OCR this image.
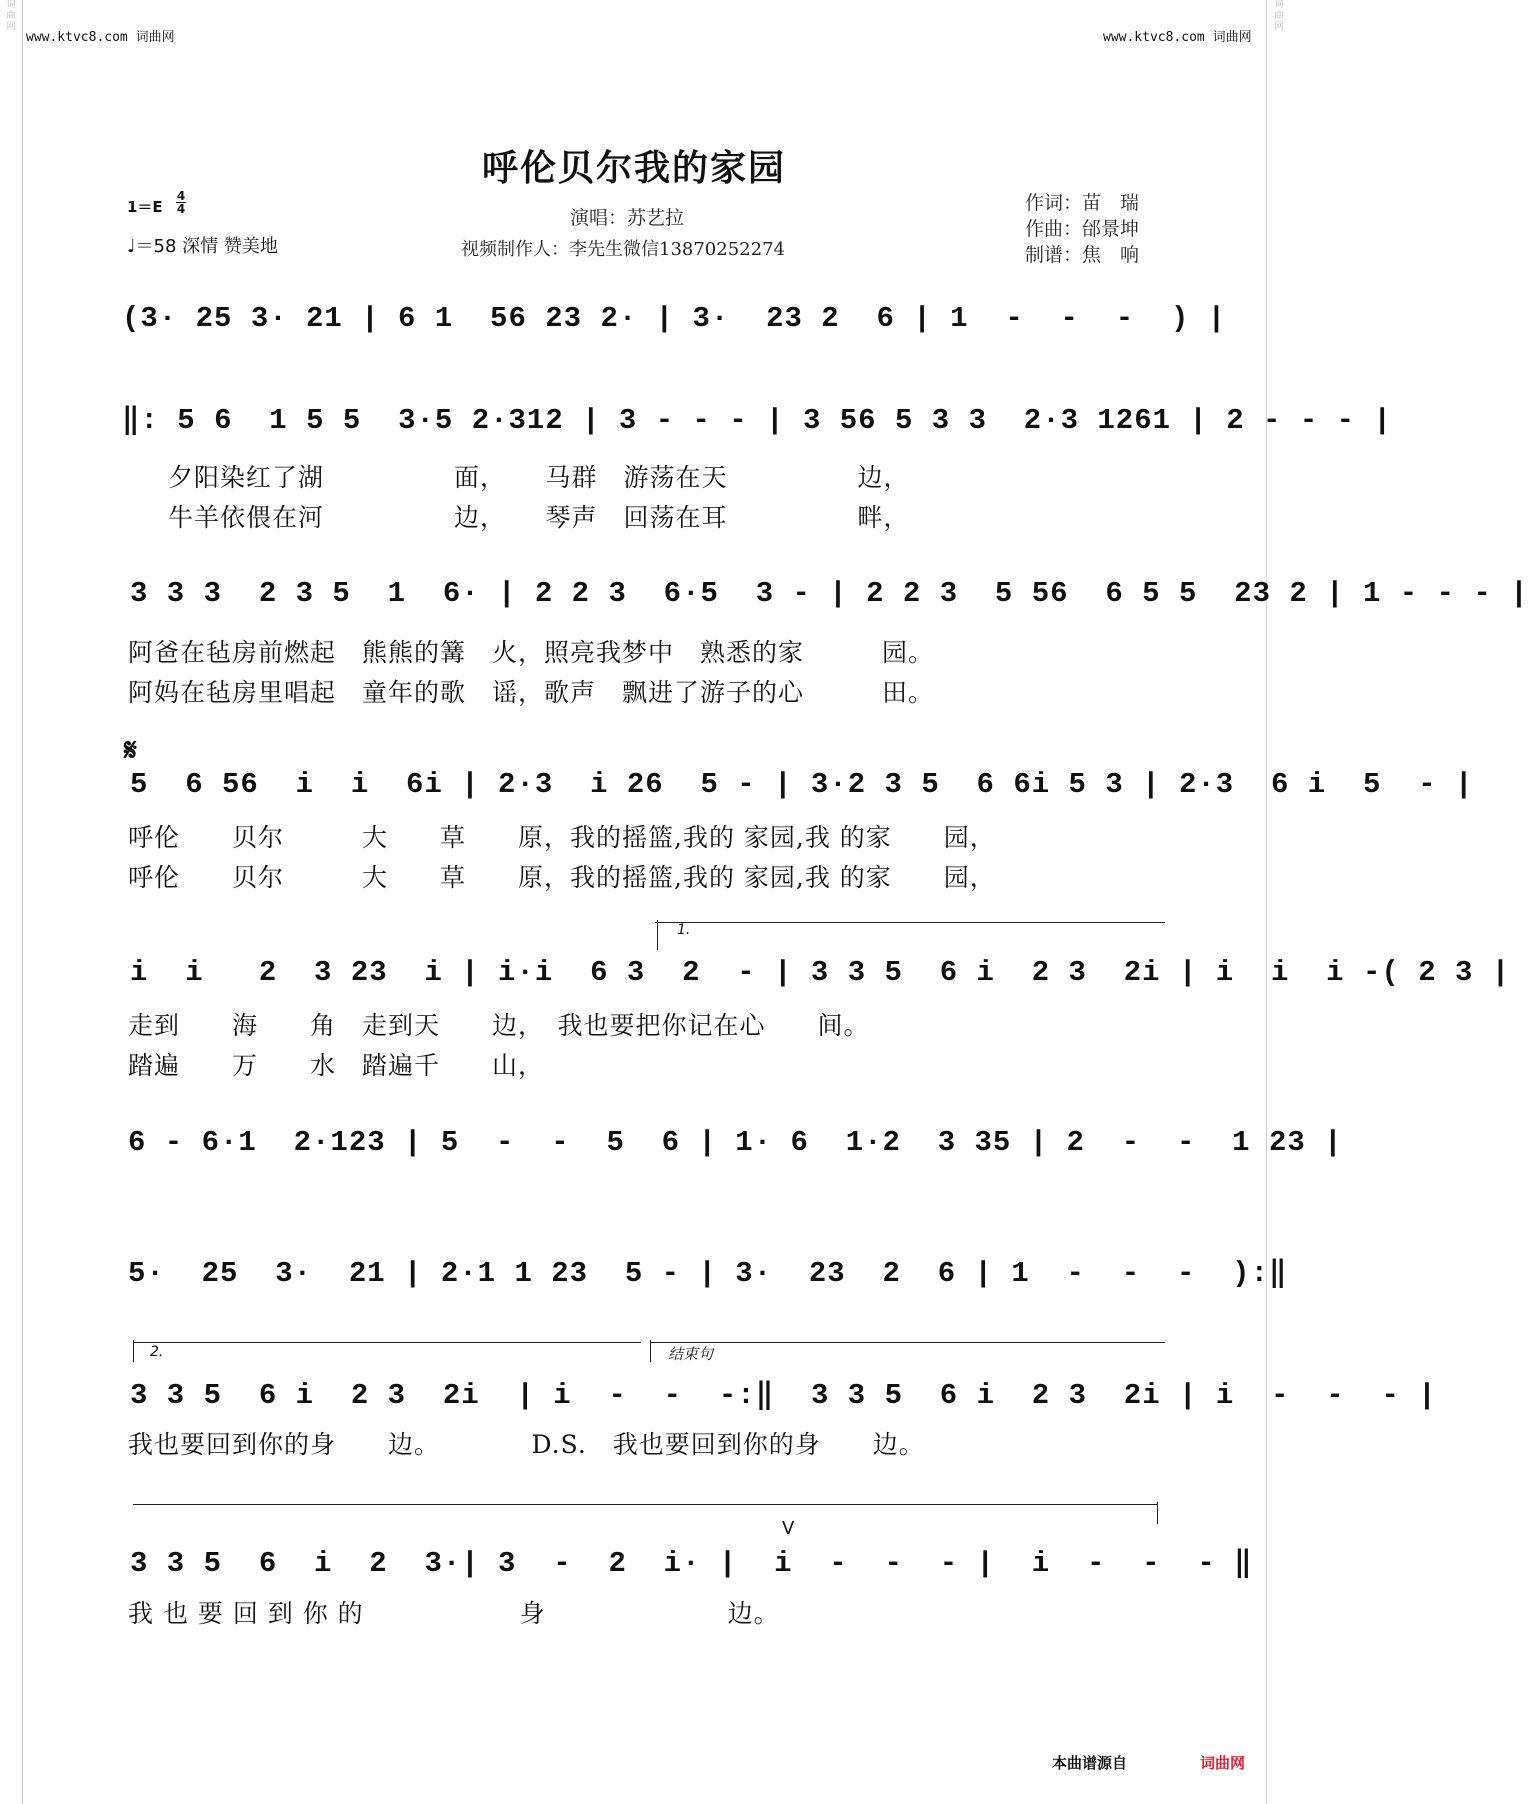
词
曲
网
词
曲
网
www.ktvc8.com 词曲网	www.ktvc8.com 词曲网
呼伦贝尔我的家园
1＝E
4
4
♩＝58 深情 赞美地
演唱：苏艺拉
视频制作人：李先生微信13870252274
作词：苗　瑞
作曲：邰景坤
制谱：焦　响
(3· 25 3· 21 | 6 1  56 23 2· | 3·  23 2  6 | 1  -  -  -  ) |
‖: 5 6  1 5 5  3·5 2·312 | 3 - - - | 3 56 5 3 3  2·3 1261 | 2 - - - |
夕阳染红了湖　　　　　面，　　马群　游荡在天　　　　　边，
牛羊依偎在河　　　　　边，　　琴声　回荡在耳　　　　　畔，
3 3 3  2 3 5  1  6· | 2 2 3  6·5  3 - | 2 2 3  5 56  6 5 5  23 2 | 1 - - - |
阿爸在毡房前燃起　熊熊的篝　火，照亮我梦中　熟悉的家　　　园。
阿妈在毡房里唱起　童年的歌　谣，歌声　飘进了游子的心　　　田。
𝄋
5  6 56  i  i  6i | 2·3  i 26  5 - | 3·2 3 5  6 6i 5 3 | 2·3  6 i  5  - |
呼伦　　贝尔　　　大　　草　　原，我的摇篮,我的 家园,我 的家　　园，
呼伦　　贝尔　　　大　　草　　原，我的摇篮,我的 家园,我 的家　　园，
1.
i  i   2  3 23  i | i·i  6 3  2  - | 3 3 5  6 i  2 3  2i | i  i  i -( 2 3 |
走到　　海　　角　走到天　　边，　我也要把你记在心　　间。
踏遍　　万　　水　踏遍千　　山，
6 - 6·1  2·123 | 5  -  -  5  6 | 1· 6  1·2  3 35 | 2  -  -  1 23 |
5·  25  3·  21 | 2·1 1 23  5 - | 3·  23  2  6 | 1  -  -  -  ):‖
2.	结束句
3 3 5  6 i  2 3  2i  | i  -  -  -:‖  3 3 5  6 i  2 3  2i | i  -  -  - |
我也要回到你的身　　边。　　　　D.S.　我也要回到你的身　　边。
V
3 3 5  6  i  2  3·| 3  -  2  i· |  i  -  -  - |  i  -  -  - ‖
我 也 要 回 到 你 的　　　　　　身　　　　　　　边。
本曲谱源自	词曲网
